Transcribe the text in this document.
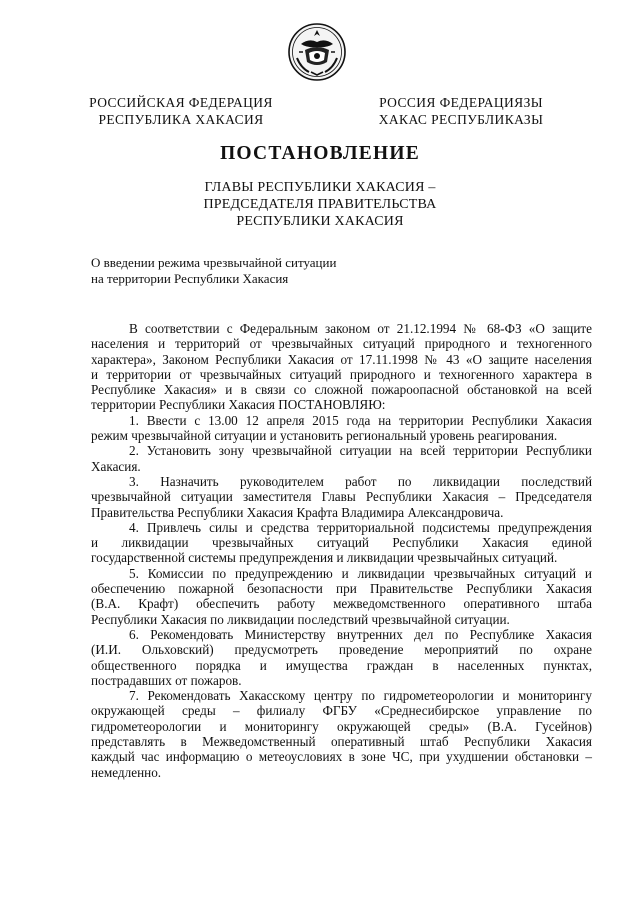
РОССИЙСКАЯ ФЕДЕРАЦИЯ
РЕСПУБЛИКА ХАКАСИЯ
РОССИЯ ФЕДЕРАЦИЯЗЫ
ХАКАС РЕСПУБЛИКАЗЫ
ПОСТАНОВЛЕНИЕ
ГЛАВЫ РЕСПУБЛИКИ ХАКАСИЯ –
ПРЕДСЕДАТЕЛЯ ПРАВИТЕЛЬСТВА
РЕСПУБЛИКИ ХАКАСИЯ
О введении режима чрезвычайной ситуации
на территории Республики Хакасия
В соответствии с Федеральным законом от 21.12.1994 № 68-ФЗ «О защите
населения и территорий от чрезвычайных ситуаций природного и техногенного
характера», Законом Республики Хакасия от 17.11.1998 № 43 «О защите населения
и территории от чрезвычайных ситуаций природного и техногенного характера в
Республике Хакасия» и в связи со сложной пожароопасной обстановкой на всей
территории Республики Хакасия ПОСТАНОВЛЯЮ:
1. Ввести с 13.00 12 апреля 2015 года на территории Республики Хакасия
режим чрезвычайной ситуации и установить региональный уровень реагирования.
2. Установить зону чрезвычайной ситуации на всей территории Республики
Хакасия.
3. Назначить руководителем работ по ликвидации последствий
чрезвычайной ситуации заместителя Главы Республики Хакасия – Председателя
Правительства Республики Хакасия Крафта Владимира Александровича.
4. Привлечь силы и средства территориальной подсистемы предупреждения
и ликвидации чрезвычайных ситуаций Республики Хакасия единой
государственной системы предупреждения и ликвидации чрезвычайных ситуаций.
5. Комиссии по предупреждению и ликвидации чрезвычайных ситуаций и
обеспечению пожарной безопасности при Правительстве Республики Хакасия
(В.А. Крафт) обеспечить работу межведомственного оперативного штаба
Республики Хакасия по ликвидации последствий чрезвычайной ситуации.
6. Рекомендовать Министерству внутренних дел по Республике Хакасия
(И.И. Ольховский) предусмотреть проведение мероприятий по охране
общественного порядка и имущества граждан в населенных пунктах,
пострадавших от пожаров.
7. Рекомендовать Хакасскому центру по гидрометеорологии и мониторингу
окружающей среды – филиалу ФГБУ «Среднесибирское управление по
гидрометеорологии и мониторингу окружающей среды» (В.А. Гусейнов)
представлять в Межведомственный оперативный штаб Республики Хакасия
каждый час информацию о метеоусловиях в зоне ЧС, при ухудшении обстановки –
немедленно.
